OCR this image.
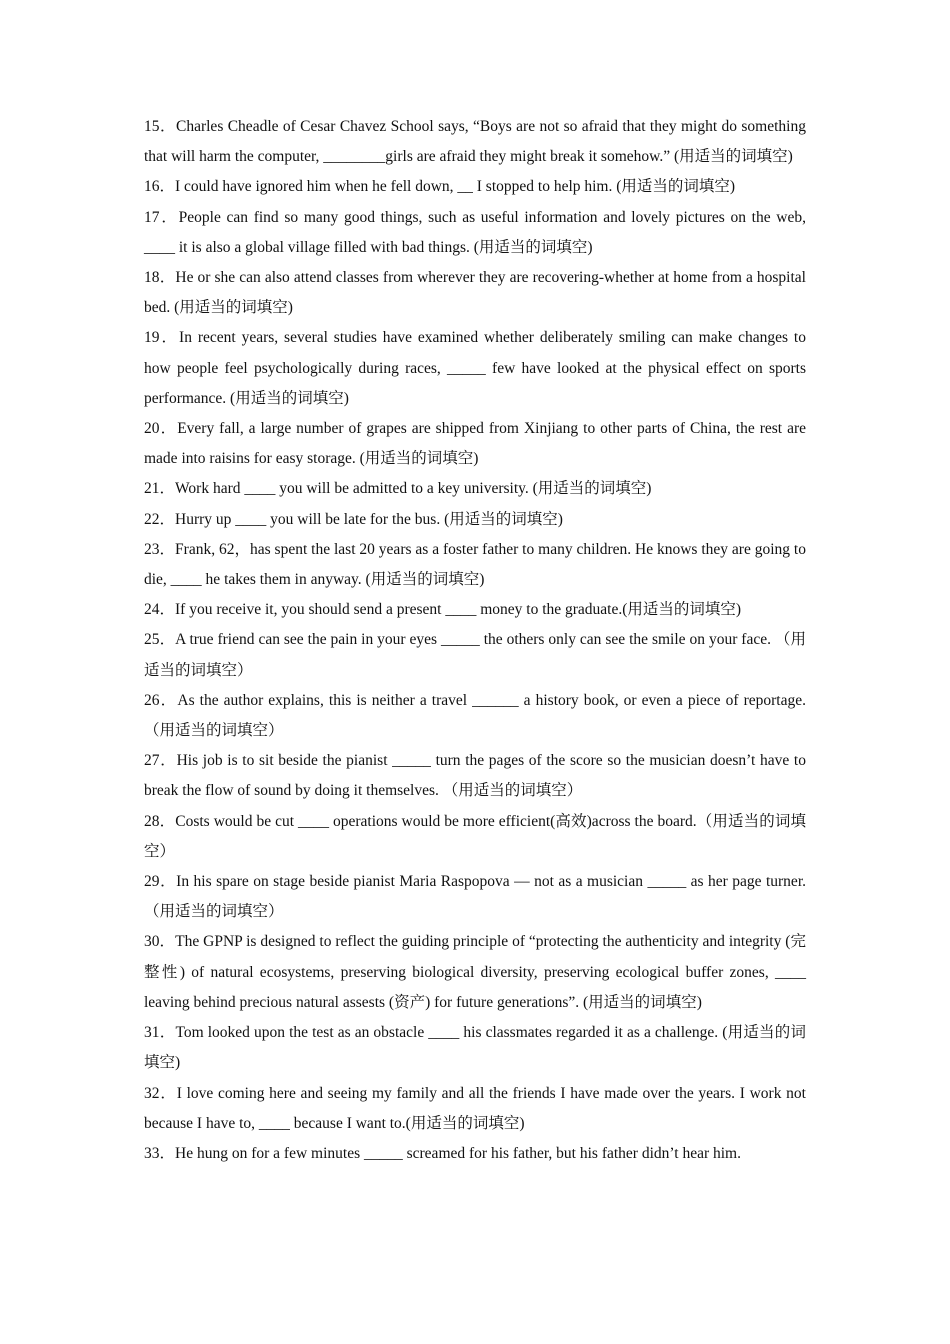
15．Charles Cheadle of Cesar Chavez School says, “Boys are not so afraid that they might do something that will harm the computer, ________girls are afraid they might break it somehow.” (用适当的词填空)

16．I could have ignored him when he fell down, __ I stopped to help him. (用适当的词填空)

17．People can find so many good things, such as useful information and lovely pictures on the web, ____ it is also a global village filled with bad things. (用适当的词填空)

18．He or she can also attend classes from wherever they are recovering-whether at home from a hospital bed. (用适当的词填空)

19．In recent years, several studies have examined whether deliberately smiling can make changes to how people feel psychologically during races, _____ few have looked at the physical effect on sports performance. (用适当的词填空)

20．Every fall, a large number of grapes are shipped from Xinjiang to other parts of China, the rest are made into raisins for easy storage. (用适当的词填空)

21．Work hard ____ you will be admitted to a key university. (用适当的词填空)

22．Hurry up ____ you will be late for the bus. (用适当的词填空)

23．Frank, 62，has spent the last 20 years as a foster father to many children. He knows they are going to die, ____ he takes them in anyway. (用适当的词填空)

24．If you receive it, you should send a present ____ money to the graduate.(用适当的词填空)

25．A true friend can see the pain in your eyes _____ the others only can see the smile on your face. （用适当的词填空）

26．As the author explains, this is neither a travel ______ a history book, or even a piece of reportage.（用适当的词填空）

27．His job is to sit beside the pianist _____ turn the pages of the score so the musician doesn’t have to break the flow of sound by doing it themselves. （用适当的词填空）

28．Costs would be cut ____ operations would be more efficient(高效)across the board.（用适当的词填空）

29．In his spare on stage beside pianist Maria Raspopova — not as a musician _____ as her page turner.（用适当的词填空）

30．The GPNP is designed to reflect the guiding principle of “protecting the authenticity and integrity (完整性) of natural ecosystems, preserving biological diversity, preserving ecological buffer zones, ____ leaving behind precious natural assests (资产) for future generations”. (用适当的词填空)

31．Tom looked upon the test as an obstacle ____ his classmates regarded it as a challenge. (用适当的词填空)

32．I love coming here and seeing my family and all the friends I have made over the years. I work not because I have to, ____ because I want to.(用适当的词填空)

33．He hung on for a few minutes _____ screamed for his father, but his father didn’t hear him.
